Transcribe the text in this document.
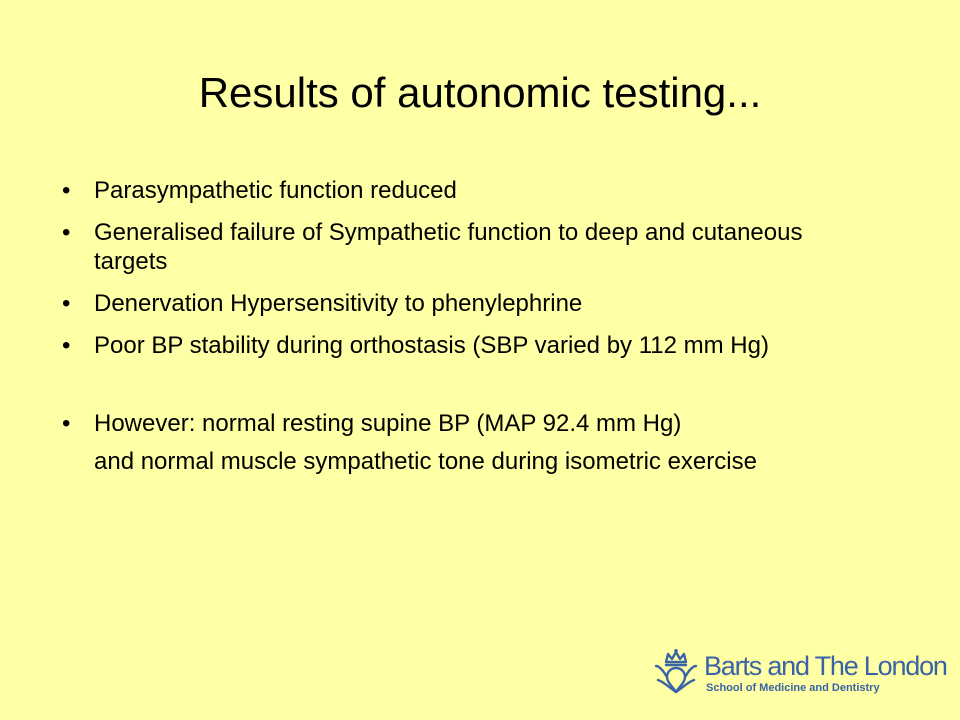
Results of autonomic testing...
• Parasympathetic function reduced
• Generalised failure of Sympathetic function to deep and cutaneous targets
• Denervation Hypersensitivity to phenylephrine
• Poor BP stability during orthostasis (SBP varied by 112 mm Hg)
• However: normal resting supine BP (MAP 92.4 mm Hg)
and normal muscle sympathetic tone during isometric exercise
Barts and The London
School of Medicine and Dentistry
